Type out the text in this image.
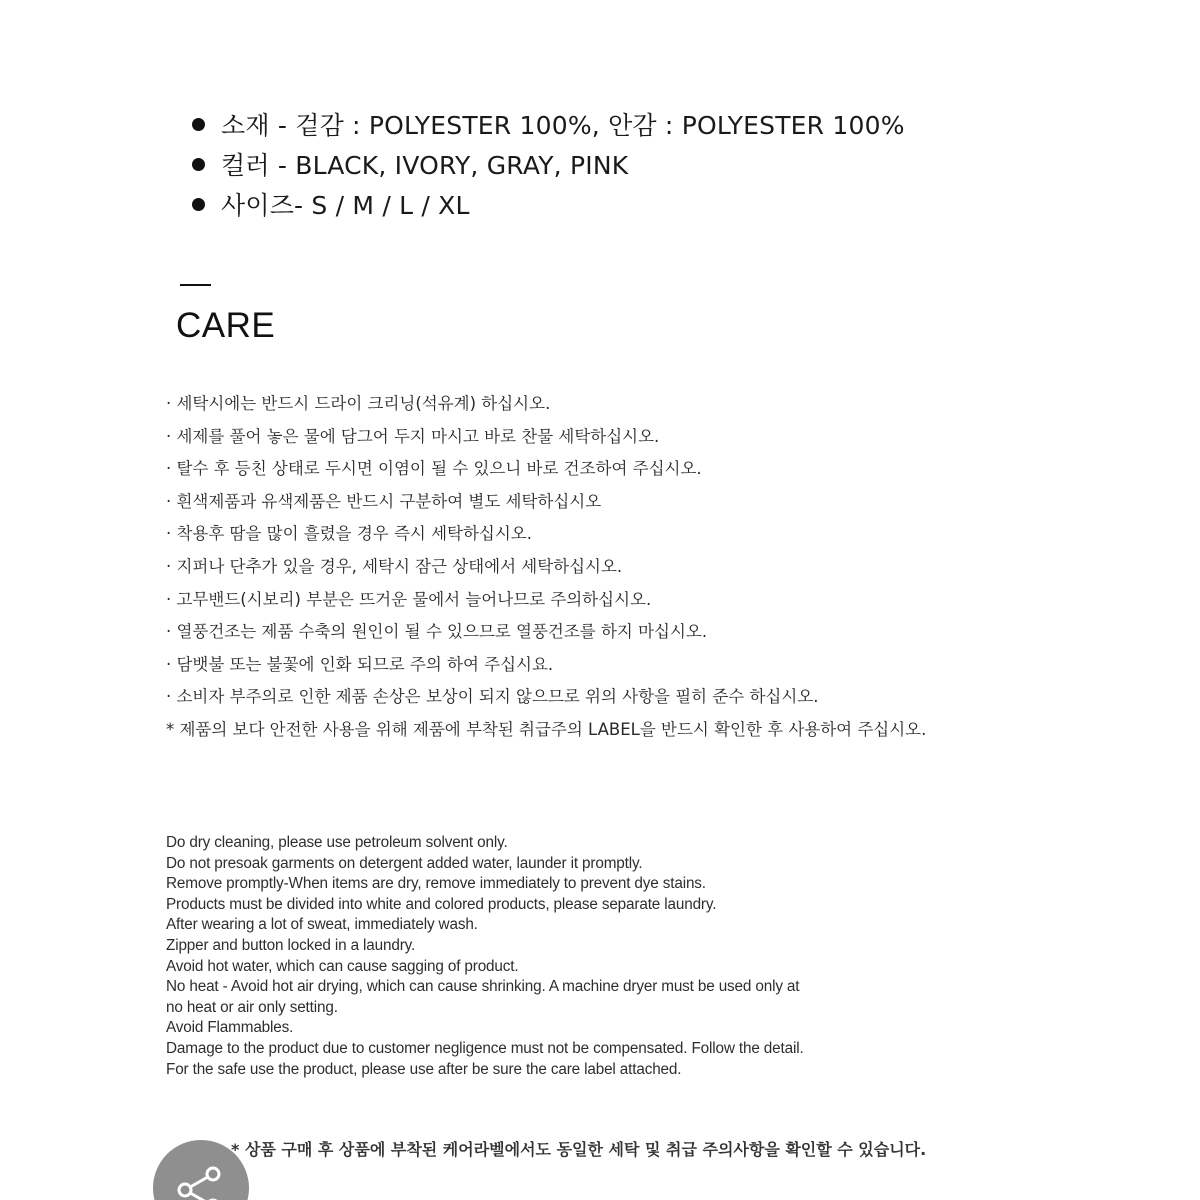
소재 - 겉감 : POLYESTER 100%, 안감 : POLYESTER 100%
컬러 - BLACK, IVORY, GRAY, PINK
사이즈- S / M / L / XL
CARE
· 세탁시에는 반드시 드라이 크리닝(석유계) 하십시오.
· 세제를 풀어 놓은 물에 담그어 두지 마시고 바로 찬물 세탁하십시오.
· 탈수 후 등친 상태로 두시면 이염이 될 수 있으니 바로 건조하여 주십시오.
· 흰색제품과 유색제품은 반드시 구분하여 별도 세탁하십시오
· 착용후 땀을 많이 흘렸을 경우 즉시 세탁하십시오.
· 지퍼나 단추가 있을 경우, 세탁시 잠근 상태에서 세탁하십시오.
· 고무밴드(시보리) 부분은 뜨거운 물에서 늘어나므로 주의하십시오.
· 열풍건조는 제품 수축의 원인이 될 수 있으므로 열풍건조를 하지 마십시오.
· 담뱃불 또는 불꽃에 인화 되므로 주의 하여 주십시요.
· 소비자 부주의로 인한 제품 손상은 보상이 되지 않으므로 위의 사항을 필히 준수 하십시오.
* 제품의 보다 안전한 사용을 위해 제품에 부착된 취급주의 LABEL을 반드시 확인한 후 사용하여 주십시오.
Do dry cleaning, please use petroleum solvent only.
Do not presoak garments on detergent added water, launder it promptly.
Remove promptly-When items are dry, remove immediately to prevent dye stains.
Products must be divided into white and colored products, please separate laundry.
After wearing a lot of sweat, immediately wash.
Zipper and button locked in a laundry.
Avoid hot water, which can cause sagging of product.
No heat - Avoid hot air drying, which can cause shrinking. A machine dryer must be used only at
no heat or air only setting.
Avoid Flammables.
Damage to the product due to customer negligence must not be compensated. Follow the detail.
For the safe use the product, please use after be sure the care label attached.
* 상품 구매 후 상품에 부착된 케어라벨에서도 동일한 세탁 및 취급 주의사항을 확인할 수 있습니다.
